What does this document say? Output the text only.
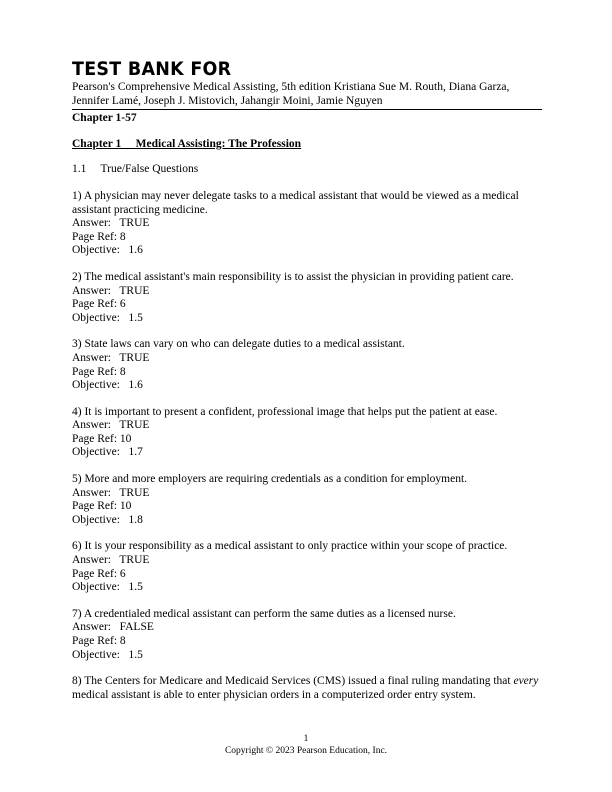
TEST BANK FOR
Pearson's Comprehensive Medical Assisting, 5th edition Kristiana Sue M. Routh, Diana Garza, Jennifer Lamé, Joseph J. Mistovich, Jahangir Moini, Jamie Nguyen
Chapter 1-57
Chapter 1     Medical Assisting: The Profession
1.1     True/False Questions
1) A physician may never delegate tasks to a medical assistant that would be viewed as a medical assistant practicing medicine.
Answer:   TRUE
Page Ref: 8
Objective:   1.6
2) The medical assistant's main responsibility is to assist the physician in providing patient care.
Answer:   TRUE
Page Ref: 6
Objective:   1.5
3) State laws can vary on who can delegate duties to a medical assistant.
Answer:   TRUE
Page Ref: 8
Objective:   1.6
4) It is important to present a confident, professional image that helps put the patient at ease.
Answer:   TRUE
Page Ref: 10
Objective:   1.7
5) More and more employers are requiring credentials as a condition for employment.
Answer:   TRUE
Page Ref: 10
Objective:   1.8
6) It is your responsibility as a medical assistant to only practice within your scope of practice.
Answer:   TRUE
Page Ref: 6
Objective:   1.5
7) A credentialed medical assistant can perform the same duties as a licensed nurse.
Answer:   FALSE
Page Ref: 8
Objective:   1.5
8) The Centers for Medicare and Medicaid Services (CMS) issued a final ruling mandating that every medical assistant is able to enter physician orders in a computerized order entry system.
1
Copyright © 2023 Pearson Education, Inc.
